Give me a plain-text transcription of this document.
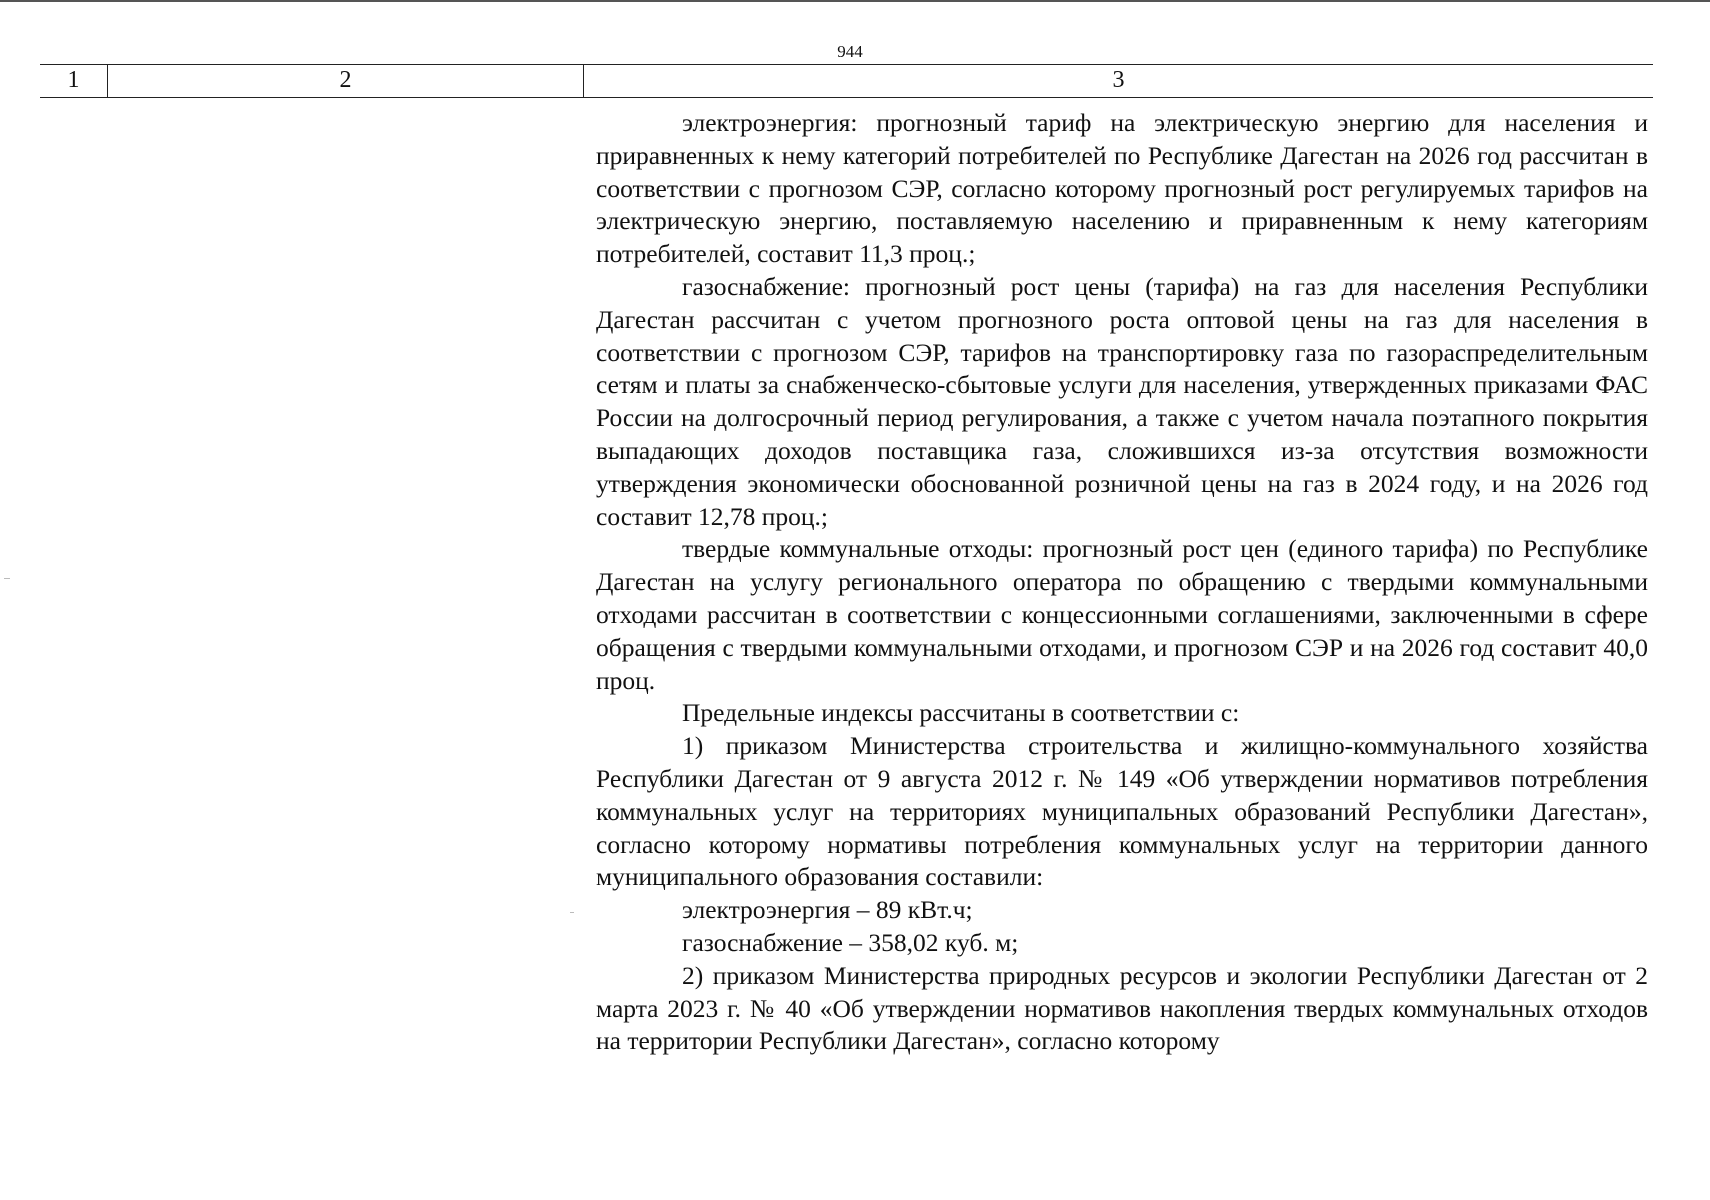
944
1	2	3

электроэнергия: прогнозный тариф на электрическую энергию для населения и приравненных к нему категорий потребителей по Республике Дагестан на 2026 год рассчитан в соответствии с прогнозом СЭР, согласно которому прогнозный рост регулируемых тарифов на электрическую энергию, поставляемую населению и приравненным к нему категориям потребителей, составит 11,3 проц.;

газоснабжение: прогнозный рост цены (тарифа) на газ для населения Республики Дагестан рассчитан с учетом прогнозного роста оптовой цены на газ для населения в соответствии с прогнозом СЭР, тарифов на транспортировку газа по газораспределительным сетям и платы за снабженческо-сбытовые услуги для населения, утвержденных приказами ФАС России на долгосрочный период регулирования, а также с учетом начала поэтапного покрытия выпадающих доходов поставщика газа, сложившихся из-за отсутствия возможности утверждения экономически обоснованной розничной цены на газ в 2024 году, и на 2026 год составит 12,78 проц.;

твердые коммунальные отходы: прогнозный рост цен (единого тарифа) по Республике Дагестан на услугу регионального оператора по обращению с твердыми коммунальными отходами рассчитан в соответствии с концессионными соглашениями, заключенными в сфере обращения с твердыми коммунальными отходами, и прогнозом СЭР и на 2026 год составит 40,0 проц.

Предельные индексы рассчитаны в соответствии с:

1) приказом Министерства строительства и жилищно-коммунального хозяйства Республики Дагестан от 9 августа 2012 г. № 149 «Об утверждении нормативов потребления коммунальных услуг на территориях муниципальных образований Республики Дагестан», согласно которому нормативы потребления коммунальных услуг на территории данного муниципального образования составили:

электроэнергия – 89 кВт.ч;

газоснабжение – 358,02 куб. м;

2) приказом Министерства природных ресурсов и экологии Республики Дагестан от 2 марта 2023 г. № 40 «Об утверждении нормативов накопления твердых коммунальных отходов на территории Республики Дагестан», согласно которому
